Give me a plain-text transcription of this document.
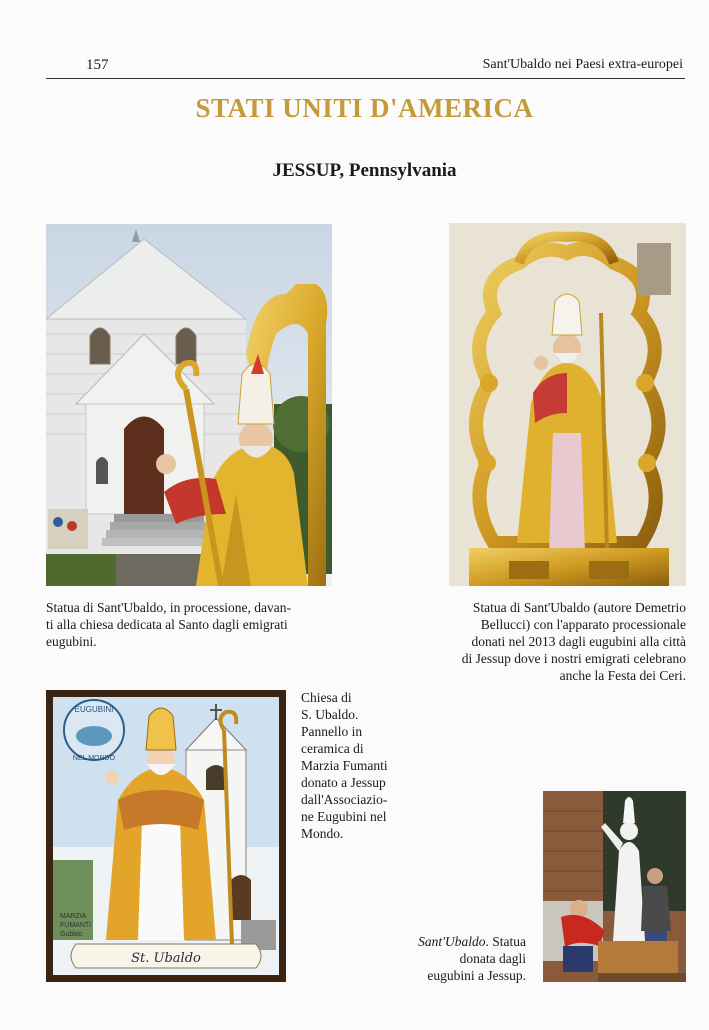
157	Sant'Ubaldo nei Paesi extra-europei
STATI UNITI D'AMERICA
JESSUP, Pennsylvania
Statua di Sant'Ubaldo, in processione, davan-
ti alla chiesa dedicata al Santo dagli emigrati
eugubini.
Statua di Sant'Ubaldo (autore Demetrio
Bellucci) con l'apparato processionale
donati nel 2013 dagli eugubini alla città
di Jessup dove i nostri emigrati celebrano
anche la Festa dei Ceri.
EUGUBINI
NEL MONDO
MARZIA
FUMANTI
Gubbio
St. Ubaldo
Chiesa di
S. Ubaldo.
Pannello in
ceramica di
Marzia Fumanti
donato a Jessup
dall'Associazio-
ne Eugubini nel
Mondo.
Sant'Ubaldo. Statua
donata dagli
eugubini a Jessup.
